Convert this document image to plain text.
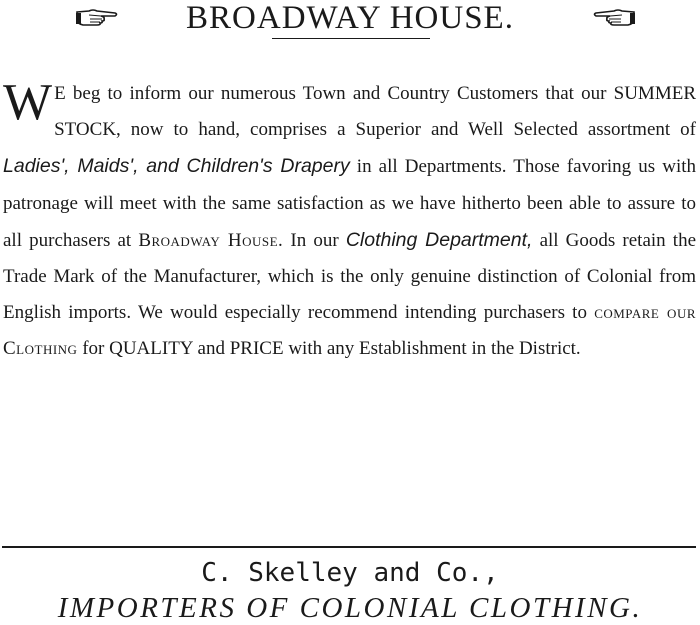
BROADWAY HOUSE.
W E beg to inform our numerous Town and Country Customers that our SUMMER STOCK, now to hand, comprises a Superior and Well Selected assortment of Ladies', Maids', and Children's Drapery in all Departments. Those favoring us with patronage will meet with the same satisfaction as we have hitherto been able to assure to all purchasers at Broadway House. In our Clothing Department, all Goods retain the Trade Mark of the Manufacturer, which is the only genuine distinction of Colonial from English imports. We would especially recommend intending purchasers to compare our Clothing for QUALITY and PRICE with any Establishment in the District.
C. Skelley and Co.,
IMPORTERS OF COLONIAL CLOTHING.
